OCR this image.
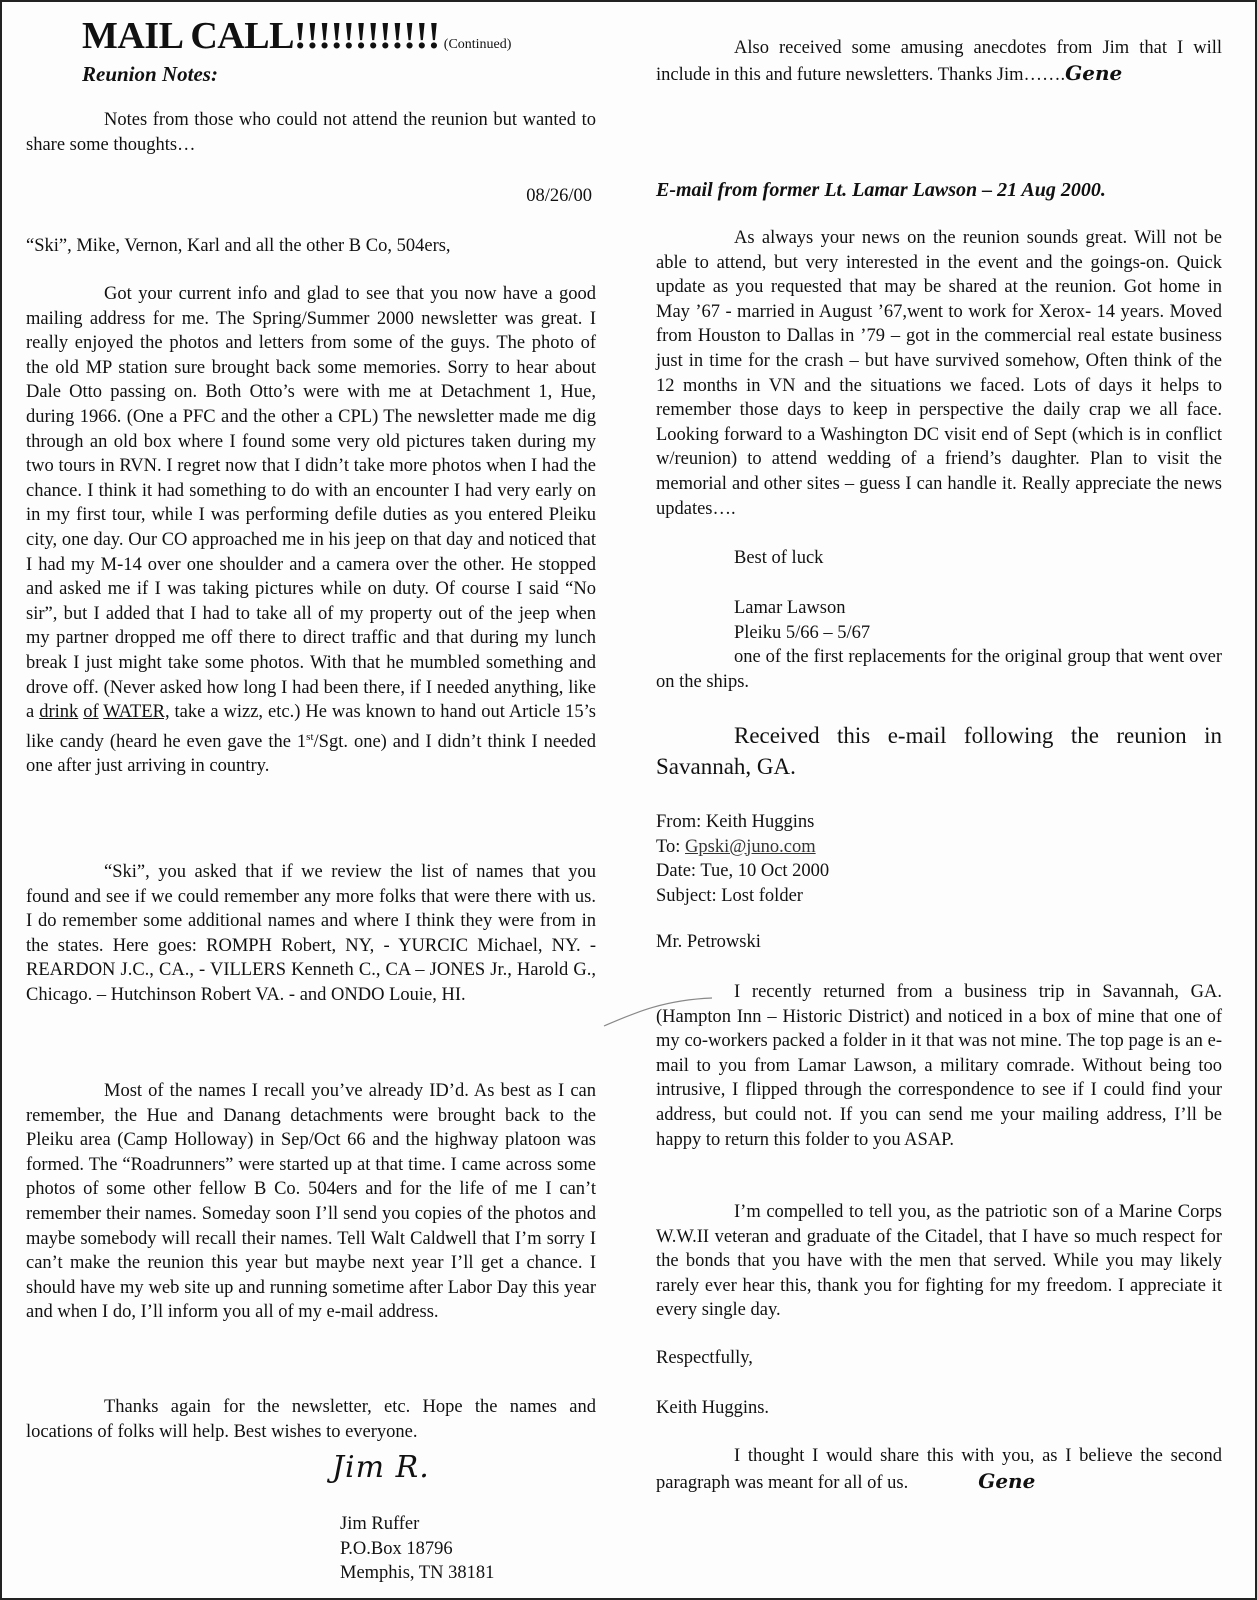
MAIL CALL!!!!!!!!!!!! (Continued)
Reunion Notes:

Notes from those who could not attend the reunion but wanted to share some thoughts…

08/26/00

“Ski”, Mike, Vernon, Karl and all the other B Co, 504ers,

Got your current info and glad to see that you now have a good mailing address for me. The Spring/Summer 2000 newsletter was great. I really enjoyed the photos and letters from some of the guys. The photo of the old MP station sure brought back some memories. Sorry to hear about Dale Otto passing on. Both Otto’s were with me at Detachment 1, Hue, during 1966. (One a PFC and the other a CPL) The newsletter made me dig through an old box where I found some very old pictures taken during my two tours in RVN. I regret now that I didn’t take more photos when I had the chance. I think it had something to do with an encounter I had very early on in my first tour, while I was performing defile duties as you entered Pleiku city, one day. Our CO approached me in his jeep on that day and noticed that I had my M-14 over one shoulder and a camera over the other. He stopped and asked me if I was taking pictures while on duty. Of course I said “No sir”, but I added that I had to take all of my property out of the jeep when my partner dropped me off there to direct traffic and that during my lunch break I just might take some photos. With that he mumbled something and drove off. (Never asked how long I had been there, if I needed anything, like a drink of WATER, take a wizz, etc.) He was known to hand out Article 15’s like candy (heard he even gave the 1st/Sgt. one) and I didn’t think I needed one after just arriving in country.

“Ski”, you asked that if we review the list of names that you found and see if we could remember any more folks that were there with us. I do remember some additional names and where I think they were from in the states. Here goes: ROMPH Robert, NY, - YURCIC Michael, NY. - REARDON J.C., CA., - VILLERS Kenneth C., CA – JONES Jr., Harold G., Chicago. – Hutchinson Robert VA. - and ONDO Louie, HI.

Most of the names I recall you’ve already ID’d. As best as I can remember, the Hue and Danang detachments were brought back to the Pleiku area (Camp Holloway) in Sep/Oct 66 and the highway platoon was formed. The “Roadrunners” were started up at that time. I came across some photos of some other fellow B Co. 504ers and for the life of me I can’t remember their names. Someday soon I’ll send you copies of the photos and maybe somebody will recall their names. Tell Walt Caldwell that I’m sorry I can’t make the reunion this year but maybe next year I’ll get a chance. I should have my web site up and running sometime after Labor Day this year and when I do, I’ll inform you all of my e-mail address.

Thanks again for the newsletter, etc. Hope the names and locations of folks will help. Best wishes to everyone.

Jim R.
Jim Ruffer
P.O.Box 18796
Memphis, TN 38181

Also received some amusing anecdotes from Jim that I will include in this and future newsletters. Thanks Jim…….Gene

E-mail from former Lt. Lamar Lawson – 21 Aug 2000.

As always your news on the reunion sounds great. Will not be able to attend, but very interested in the event and the goings-on. Quick update as you requested that may be shared at the reunion. Got home in May ’67 - married in August ’67,went to work for Xerox- 14 years. Moved from Houston to Dallas in ’79 – got in the commercial real estate business just in time for the crash – but have survived somehow, Often think of the 12 months in VN and the situations we faced. Lots of days it helps to remember those days to keep in perspective the daily crap we all face. Looking forward to a Washington DC visit end of Sept (which is in conflict w/reunion) to attend wedding of a friend’s daughter. Plan to visit the memorial and other sites – guess I can handle it. Really appreciate the news updates….

Best of luck
Lamar Lawson
Pleiku 5/66 – 5/67

one of the first replacements for the original group that went over on the ships.

Received this e-mail following the reunion in Savannah, GA.

From: Keith Huggins
To: Gpski@juno.com
Date: Tue, 10 Oct 2000
Subject: Lost folder
Mr. Petrowski

I recently returned from a business trip in Savannah, GA. (Hampton Inn – Historic District) and noticed in a box of mine that one of my co-workers packed a folder in it that was not mine. The top page is an e-mail to you from Lamar Lawson, a military comrade. Without being too intrusive, I flipped through the correspondence to see if I could find your address, but could not. If you can send me your mailing address, I’ll be happy to return this folder to you ASAP.

I’m compelled to tell you, as the patriotic son of a Marine Corps W.W.II veteran and graduate of the Citadel, that I have so much respect for the bonds that you have with the men that served. While you may likely rarely ever hear this, thank you for fighting for my freedom. I appreciate it every single day.

Respectfully,
Keith Huggins.

I thought I would share this with you, as I believe the second paragraph was meant for all of us.	Gene
